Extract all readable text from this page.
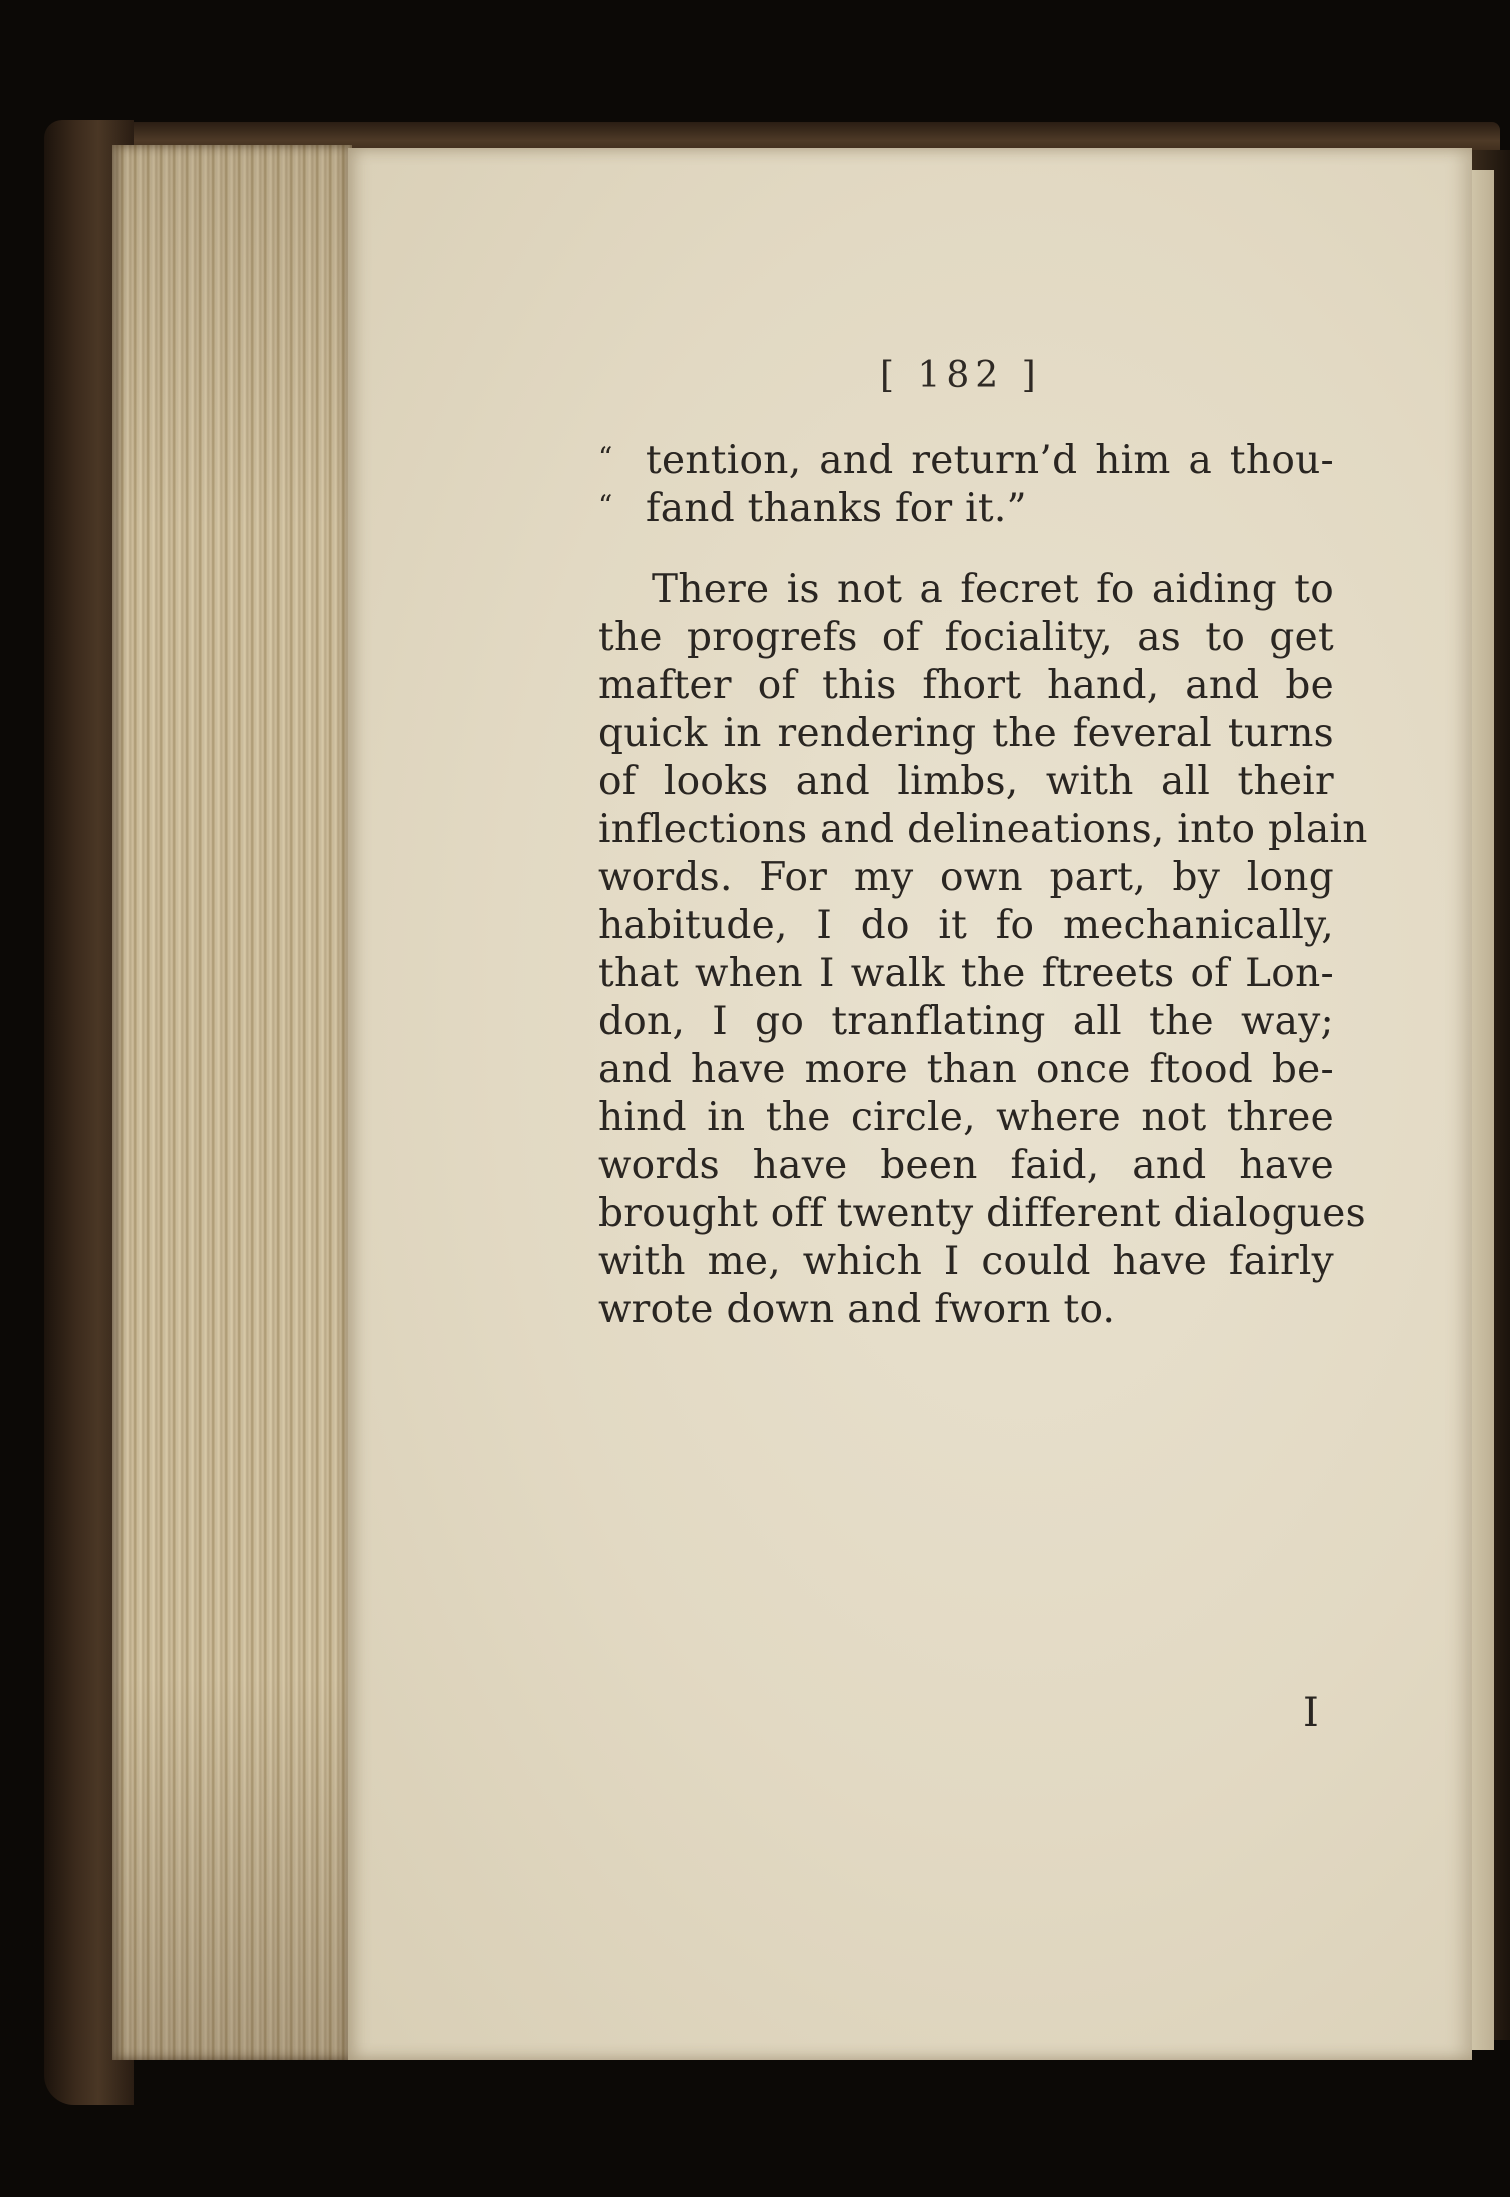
[ 182 ]
“ tention, and return’d him a thou-
“ fand thanks for it.”
There is not a fecret fo aiding to
the progrefs of fociality, as to get
mafter of this fhort hand, and be
quick in rendering the feveral turns
of looks and limbs, with all their
inflections and delineations, into plain
words. For my own part, by long
habitude, I do it fo mechanically,
that when I walk the ftreets of Lon-
don, I go tranflating all the way;
and have more than once ftood be-
hind in the circle, where not three
words have been faid, and have
brought off twenty different dialogues
with me, which I could have fairly
wrote down and fworn to.
I
